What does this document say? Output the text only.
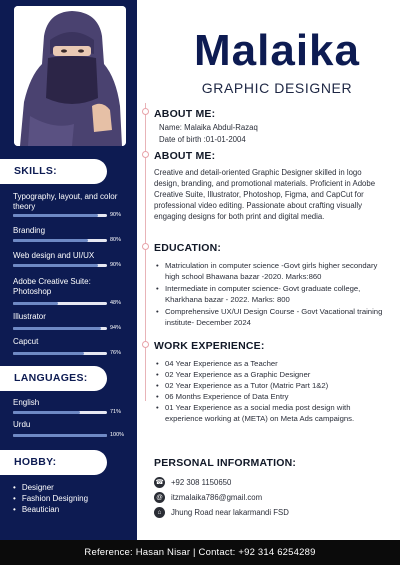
SKILLS:
Typography, layout, and color theory
90%
Branding
80%
Web design and UI/UX
90%
Adobe Creative Suite: Photoshop
48%
Illustrator
94%
Capcut
76%
LANGUAGES:
English
71%
Urdu
100%
HOBBY:
• Designer
• Fashion Designing
• Beautician
Malaika
GRAPHIC DESIGNER
ABOUT ME:
Name: Malaika Abdul-Razaq
Date of birth :01-01-2004
ABOUT ME:
Creative and detail-oriented Graphic Designer skilled in logo design, branding, and promotional materials. Proficient in Adobe Creative Suite, Illustrator, Photoshop, Figma, and CapCut for professional video editing. Passionate about crafting visually engaging designs for both print and digital media.
EDUCATION:
• Matriculation in computer science -Govt girls higher secondary high school Bhawana bazar -2020. Marks:860
• Intermediate in computer science- Govt graduate college, Kharkhana bazar - 2022. Marks: 800
• Comprehensive UX/UI Design Course - Govt Vacational training institute- December 2024
WORK EXPERIENCE:
• 04 Year Experience as a Teacher
• 02 Year Experience as a Graphic Designer
• 02 Year Experience as a Tutor (Matric Part 1&2)
• 06 Months Experience of Data Entry
• 01 Year Experience as a social media post design with experience working at (META) on Meta Ads campaigns.
PERSONAL INFORMATION:
☎ +92 308 1150650
@ itzmalaika786@gmail.com
⌂	Jhung Road near lakarmandi FSD
Reference: Hasan Nisar | Contact: +92 314 6254289
